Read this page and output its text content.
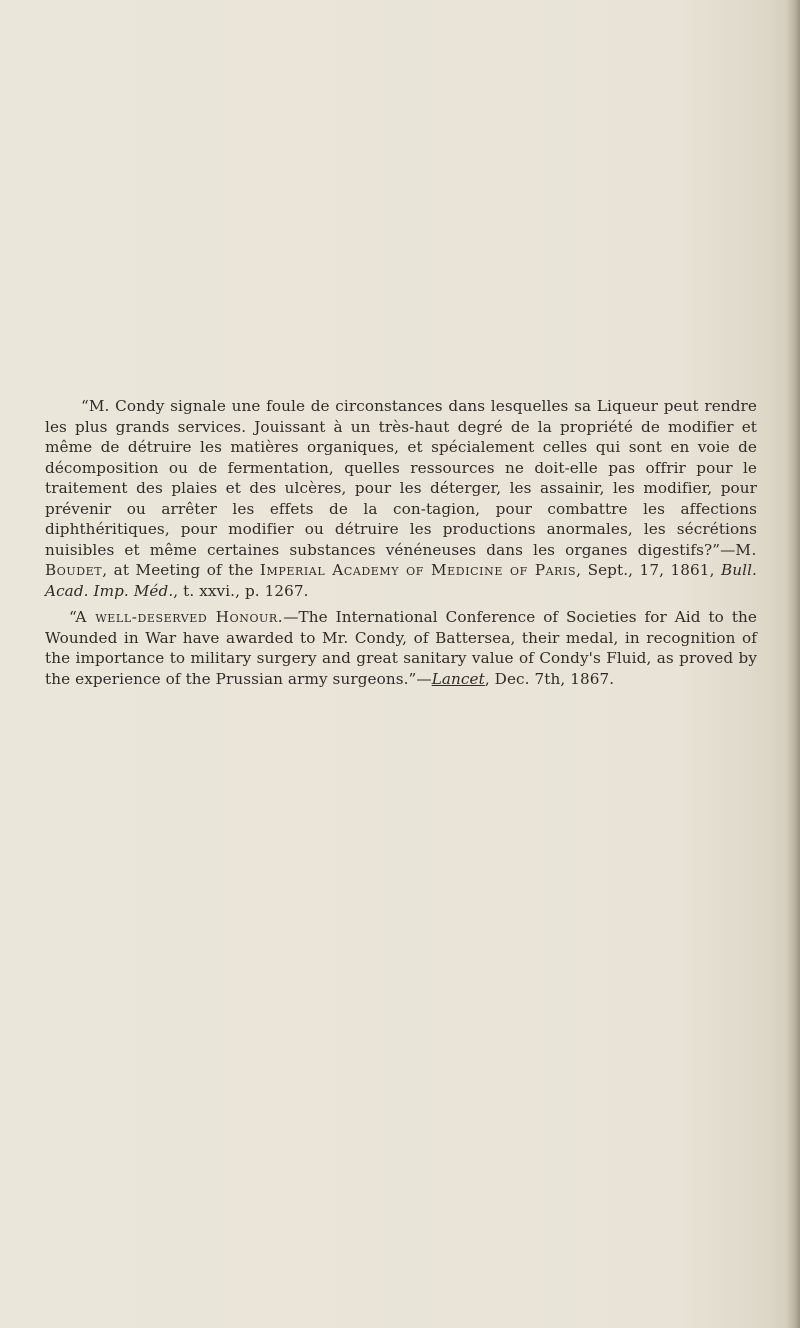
“M. Condy signale une foule de circonstances dans lesquelles sa Liqueur peut rendre les plus grands services. Jouissant à un très-haut degré de la propriété de modifier et même de détruire les matières organiques, et spécialement celles qui sont en voie de décomposition ou de fermentation, quelles ressources ne doit-elle pas offrir pour le traitement des plaies et des ulcères, pour les déterger, les assainir, les modifier, pour prévenir ou arrêter les effets de la con-tagion, pour combattre les affections diphthéritiques, pour modifier ou détruire les productions anormales, les sécrétions nuisibles et même certaines substances vénéneuses dans les organes digestifs?”—M. Boudet, at Meeting of the Imperial Academy of Medicine of Paris, Sept., 17, 1861, Bull. Acad. Imp. Méd., t. xxvi., p. 1267.

“A well-deserved Honour.—The International Conference of Societies for Aid to the Wounded in War have awarded to Mr. Condy, of Battersea, their medal, in recognition of the importance to military surgery and great sanitary value of Condy's Fluid, as proved by the experience of the Prussian army surgeons.”—Lancet, Dec. 7th, 1867.
